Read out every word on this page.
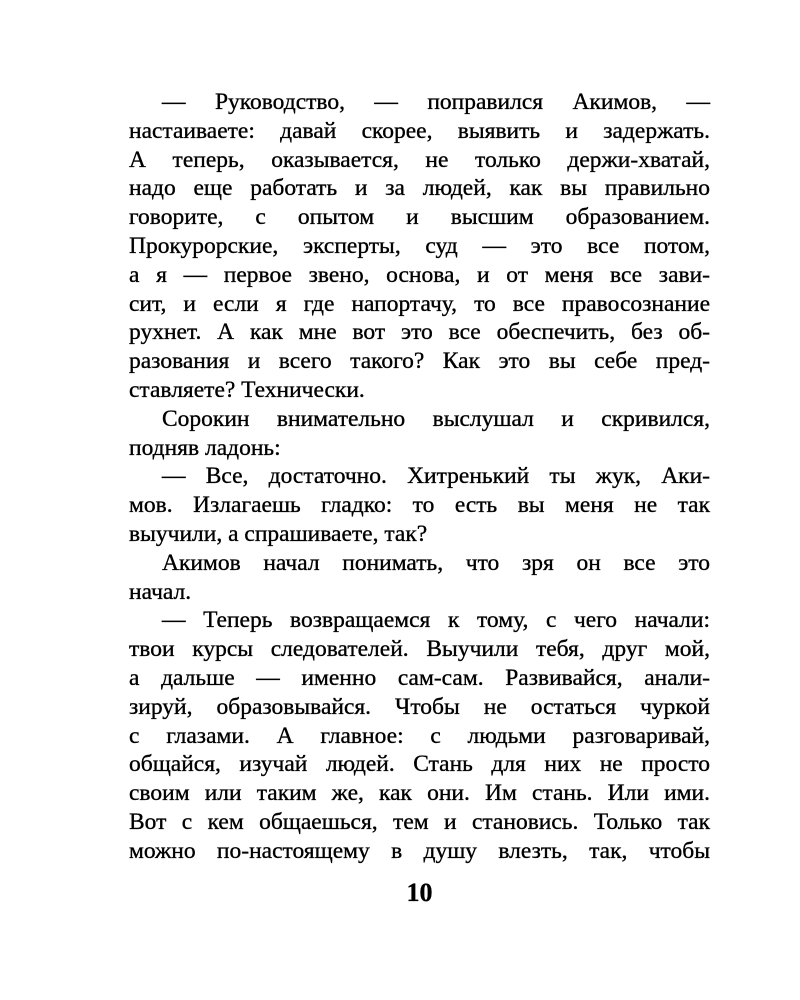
— Руководство, — поправился Акимов, —
настаиваете: давай скорее, выявить и задержать.
А теперь, оказывается, не только держи-хватай,
надо еще работать и за людей, как вы правильно
говорите, с опытом и высшим образованием.
Прокурорские, эксперты, суд — это все потом,
а я — первое звено, основа, и от меня все зави-
сит, и если я где напортачу, то все правосознание
рухнет. А как мне вот это все обеспечить, без об-
разования и всего такого? Как это вы себе пред-
ставляете? Технически.
Сорокин внимательно выслушал и скривился,
подняв ладонь:
— Все, достаточно. Хитренький ты жук, Аки-
мов. Излагаешь гладко: то есть вы меня не так
выучили, а спрашиваете, так?
Акимов начал понимать, что зря он все это
начал.
— Теперь возвращаемся к тому, с чего начали:
твои курсы следователей. Выучили тебя, друг мой,
а дальше — именно сам-сам. Развивайся, анали-
зируй, образовывайся. Чтобы не остаться чуркой
с глазами. А главное: с людьми разговаривай,
общайся, изучай людей. Стань для них не просто
своим или таким же, как они. Им стань. Или ими.
Вот с кем общаешься, тем и становись. Только так
можно по-настоящему в душу влезть, так, чтобы
10
